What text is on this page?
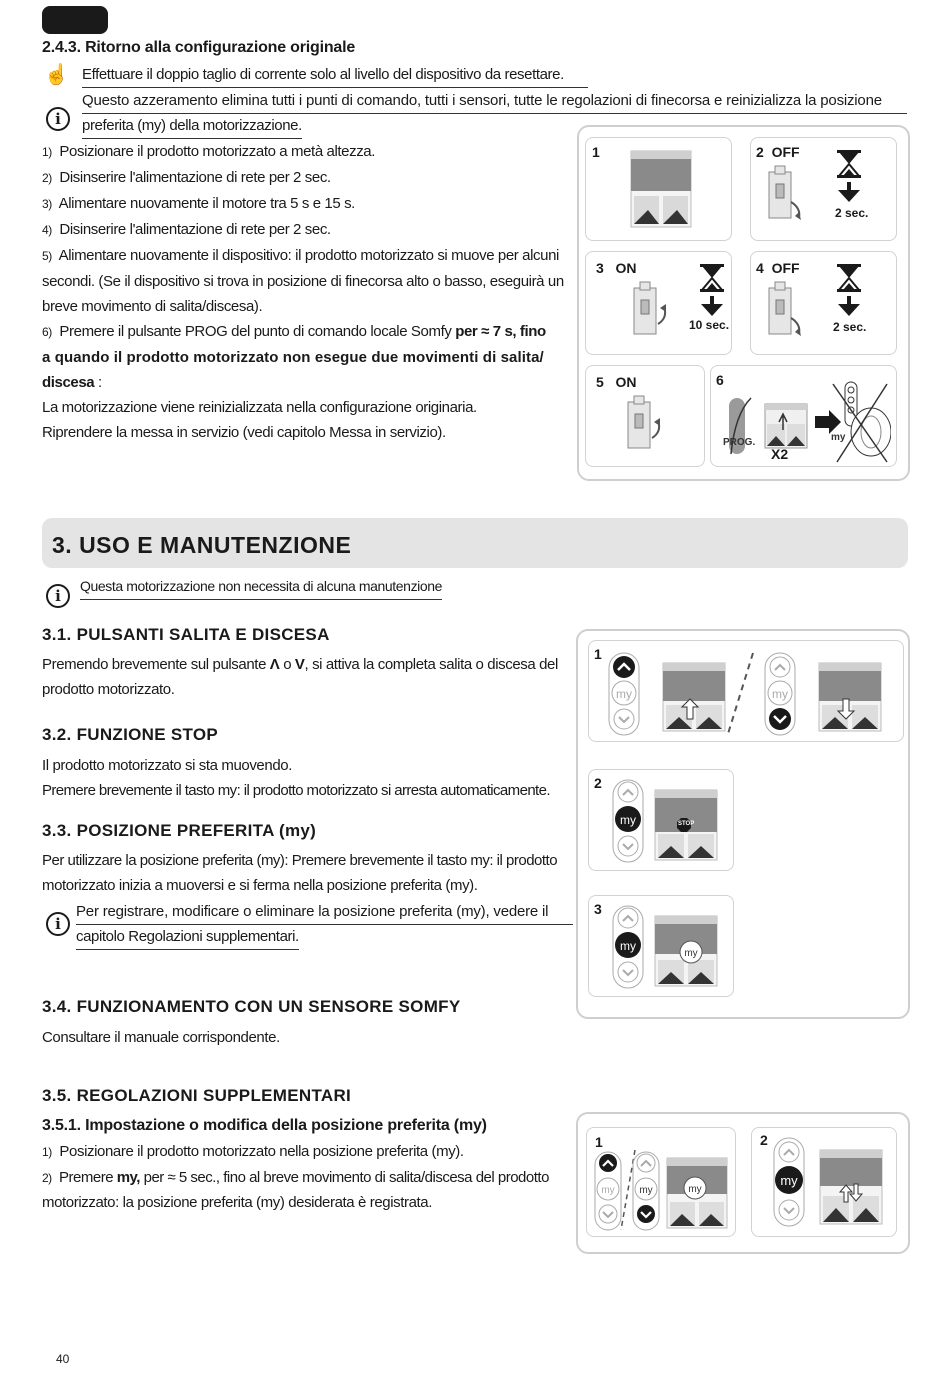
2.4.3. Ritorno alla configurazione originale
☝ Effettuare il doppio taglio di corrente solo al livello del dispositivo da resettare.
i
Questo azzeramento elimina tutti i punti di comando, tutti i sensori, tutte le regolazioni di finecorsa e reinizializza la posizione
preferita (my) della motorizzazione.
1) Posizionare il prodotto motorizzato a metà altezza.
2) Disinserire l'alimentazione di rete per 2 sec.
3) Alimentare nuovamente il motore tra 5 s e 15 s.
4) Disinserire l'alimentazione di rete per 2 sec.
5) Alimentare nuovamente il dispositivo: il prodotto motorizzato si muove per alcuni
secondi. (Se il dispositivo si trova in posizione di finecorsa alto o basso, eseguirà un
breve movimento di salita/discesa).
6) Premere il pulsante PROG del punto di comando locale Somfy per ≈ 7 s, fino
a quando il prodotto motorizzato non esegue due movimenti di salita/
discesa :
La motorizzazione viene reinizializzata nella configurazione originaria.
Riprendere la messa in servizio (vedi capitolo Messa in servizio).
1	2 OFF
2 sec.
3 ON
10 sec.
4 OFF
2 sec.
5 ON	6
PROG.
X2
my
3. USO E MANUTENZIONE
i
Questa motorizzazione non necessita di alcuna manutenzione
3.1. PULSANTI SALITA E DISCESA
Premendo brevemente sul pulsante Λ o V, si attiva la completa salita o discesa del
prodotto motorizzato.
3.2. FUNZIONE STOP
Il prodotto motorizzato si sta muovendo.
Premere brevemente il tasto my: il prodotto motorizzato si arresta automaticamente.
3.3. POSIZIONE PREFERITA (my)
Per utilizzare la posizione preferita (my): Premere brevemente il tasto my: il prodotto
motorizzato inizia a muoversi e si ferma nella posizione preferita (my).
i
Per registrare, modificare o eliminare la posizione preferita (my), vedere il
capitolo Regolazioni supplementari.
3.4. FUNZIONAMENTO CON UN SENSORE SOMFY
Consultare il manuale corrispondente.
3.5. REGOLAZIONI SUPPLEMENTARI
3.5.1. Impostazione o modifica della posizione preferita (my)
1) Posizionare il prodotto motorizzato nella posizione preferita (my).
2) Premere my, per ≈ 5 sec., fino al breve movimento di salita/discesa del prodotto
motorizzato: la posizione preferita (my) desiderata è registrata.
1
my	my
2
my	STOP
3
my
my
1
my my	my
2
my
40
